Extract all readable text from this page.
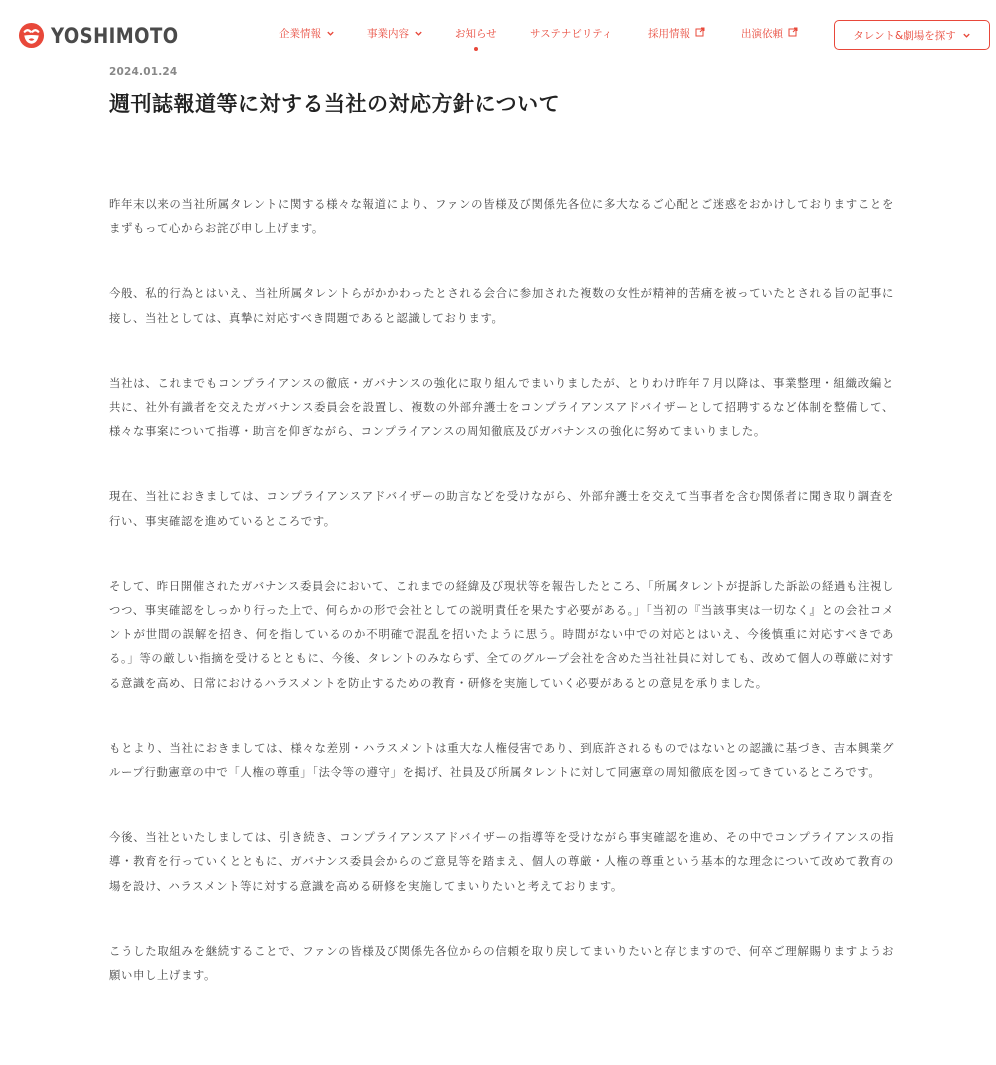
YOSHIMOTO	企業情報	事業内容	お知らせ	サステナビリティ	採用情報	出演依頼	タレント&劇場を探す
2024.01.24
週刊誌報道等に対する当社の対応方針について

昨年末以来の当社所属タレントに関する様々な報道により、ファンの皆様及び関係先各位に多大なるご心配とご迷惑をおかけしておりますことをまずもって心からお詫び申し上げます。

今般、私的行為とはいえ、当社所属タレントらがかかわったとされる会合に参加された複数の女性が精神的苦痛を被っていたとされる旨の記事に接し、当社としては、真摯に対応すべき問題であると認識しております。

当社は、これまでもコンプライアンスの徹底・ガバナンスの強化に取り組んでまいりましたが、とりわけ昨年７月以降は、事業整理・組織改編と共に、社外有識者を交えたガバナンス委員会を設置し、複数の外部弁護士をコンプライアンスアドバイザーとして招聘するなど体制を整備して、様々な事案について指導・助言を仰ぎながら、コンプライアンスの周知徹底及びガバナンスの強化に努めてまいりました。

現在、当社におきましては、コンプライアンスアドバイザーの助言などを受けながら、外部弁護士を交えて当事者を含む関係者に聞き取り調査を行い、事実確認を進めているところです。

そして、昨日開催されたガバナンス委員会において、これまでの経緯及び現状等を報告したところ、「所属タレントが提訴した訴訟の経過も注視しつつ、事実確認をしっかり行った上で、何らかの形で会社としての説明責任を果たす必要がある。」「当初の『当該事実は一切なく』との会社コメントが世間の誤解を招き、何を指しているのか不明確で混乱を招いたように思う。時間がない中での対応とはいえ、今後慎重に対応すべきである。」等の厳しい指摘を受けるとともに、今後、タレントのみならず、全てのグループ会社を含めた当社社員に対しても、改めて個人の尊厳に対する意識を高め、日常におけるハラスメントを防止するための教育・研修を実施していく必要があるとの意見を承りました。

もとより、当社におきましては、様々な差別・ハラスメントは重大な人権侵害であり、到底許されるものではないとの認識に基づき、吉本興業グループ行動憲章の中で「人権の尊重」「法令等の遵守」を掲げ、社員及び所属タレントに対して同憲章の周知徹底を図ってきているところです。

今後、当社といたしましては、引き続き、コンプライアンスアドバイザーの指導等を受けながら事実確認を進め、その中でコンプライアンスの指導・教育を行っていくとともに、ガバナンス委員会からのご意見等を踏まえ、個人の尊厳・人権の尊重という基本的な理念について改めて教育の場を設け、ハラスメント等に対する意識を高める研修を実施してまいりたいと考えております。

こうした取組みを継続することで、ファンの皆様及び関係先各位からの信頼を取り戻してまいりたいと存じますので、何卒ご理解賜りますようお願い申し上げます。
